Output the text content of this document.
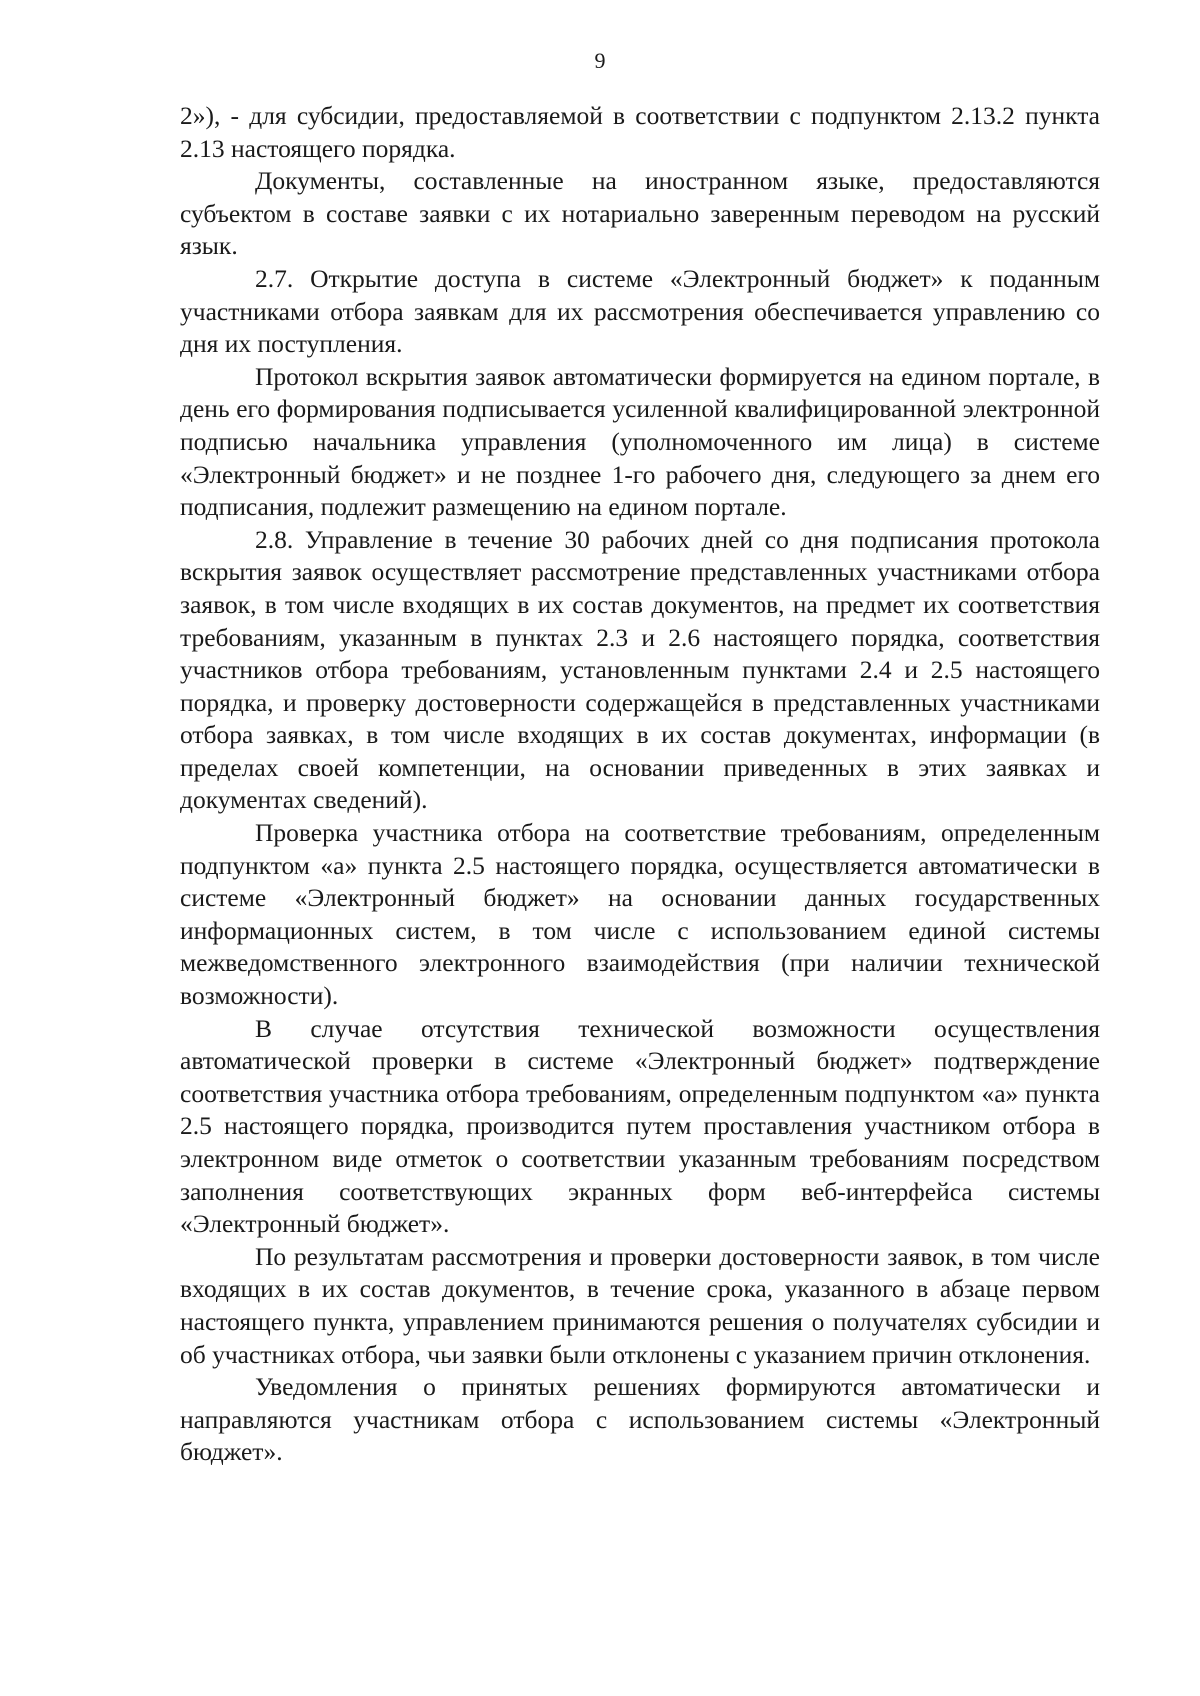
9

2»), - для субсидии, предоставляемой в соответствии с подпунктом 2.13.2 пункта 2.13 настоящего порядка.

Документы, составленные на иностранном языке, предоставляются субъектом в составе заявки с их нотариально заверенным переводом на русский язык.

2.7. Открытие доступа в системе «Электронный бюджет» к поданным участниками отбора заявкам для их рассмотрения обеспечивается управлению со дня их поступления.

Протокол вскрытия заявок автоматически формируется на едином портале, в день его формирования подписывается усиленной квалифицированной электронной подписью начальника управления (уполномоченного им лица) в системе «Электронный бюджет» и не позднее 1-го рабочего дня, следующего за днем его подписания, подлежит размещению на едином портале.

2.8. Управление в течение 30 рабочих дней со дня подписания протокола вскрытия заявок осуществляет рассмотрение представленных участниками отбора заявок, в том числе входящих в их состав документов, на предмет их соответствия требованиям, указанным в пунктах 2.3 и 2.6 настоящего порядка, соответствия участников отбора требованиям, установленным пунктами 2.4 и 2.5 настоящего порядка, и проверку достоверности содержащейся в представленных участниками отбора заявках, в том числе входящих в их состав документах, информации (в пределах своей компетенции, на основании приведенных в этих заявках и документах сведений).

Проверка участника отбора на соответствие требованиям, определенным подпунктом «а» пункта 2.5 настоящего порядка, осуществляется автоматически в системе «Электронный бюджет» на основании данных государственных информационных систем, в том числе с использованием единой системы межведомственного электронного взаимодействия (при наличии технической возможности).

В случае отсутствия технической возможности осуществления автоматической проверки в системе «Электронный бюджет» подтверждение соответствия участника отбора требованиям, определенным подпунктом «а» пункта 2.5 настоящего порядка, производится путем проставления участником отбора в электронном виде отметок о соответствии указанным требованиям посредством заполнения соответствующих экранных форм веб-интерфейса системы «Электронный бюджет».

По результатам рассмотрения и проверки достоверности заявок, в том числе входящих в их состав документов, в течение срока, указанного в абзаце первом настоящего пункта, управлением принимаются решения о получателях субсидии и об участниках отбора, чьи заявки были отклонены с указанием причин отклонения.

Уведомления о принятых решениях формируются автоматически и направляются участникам отбора с использованием системы «Электронный бюджет».
